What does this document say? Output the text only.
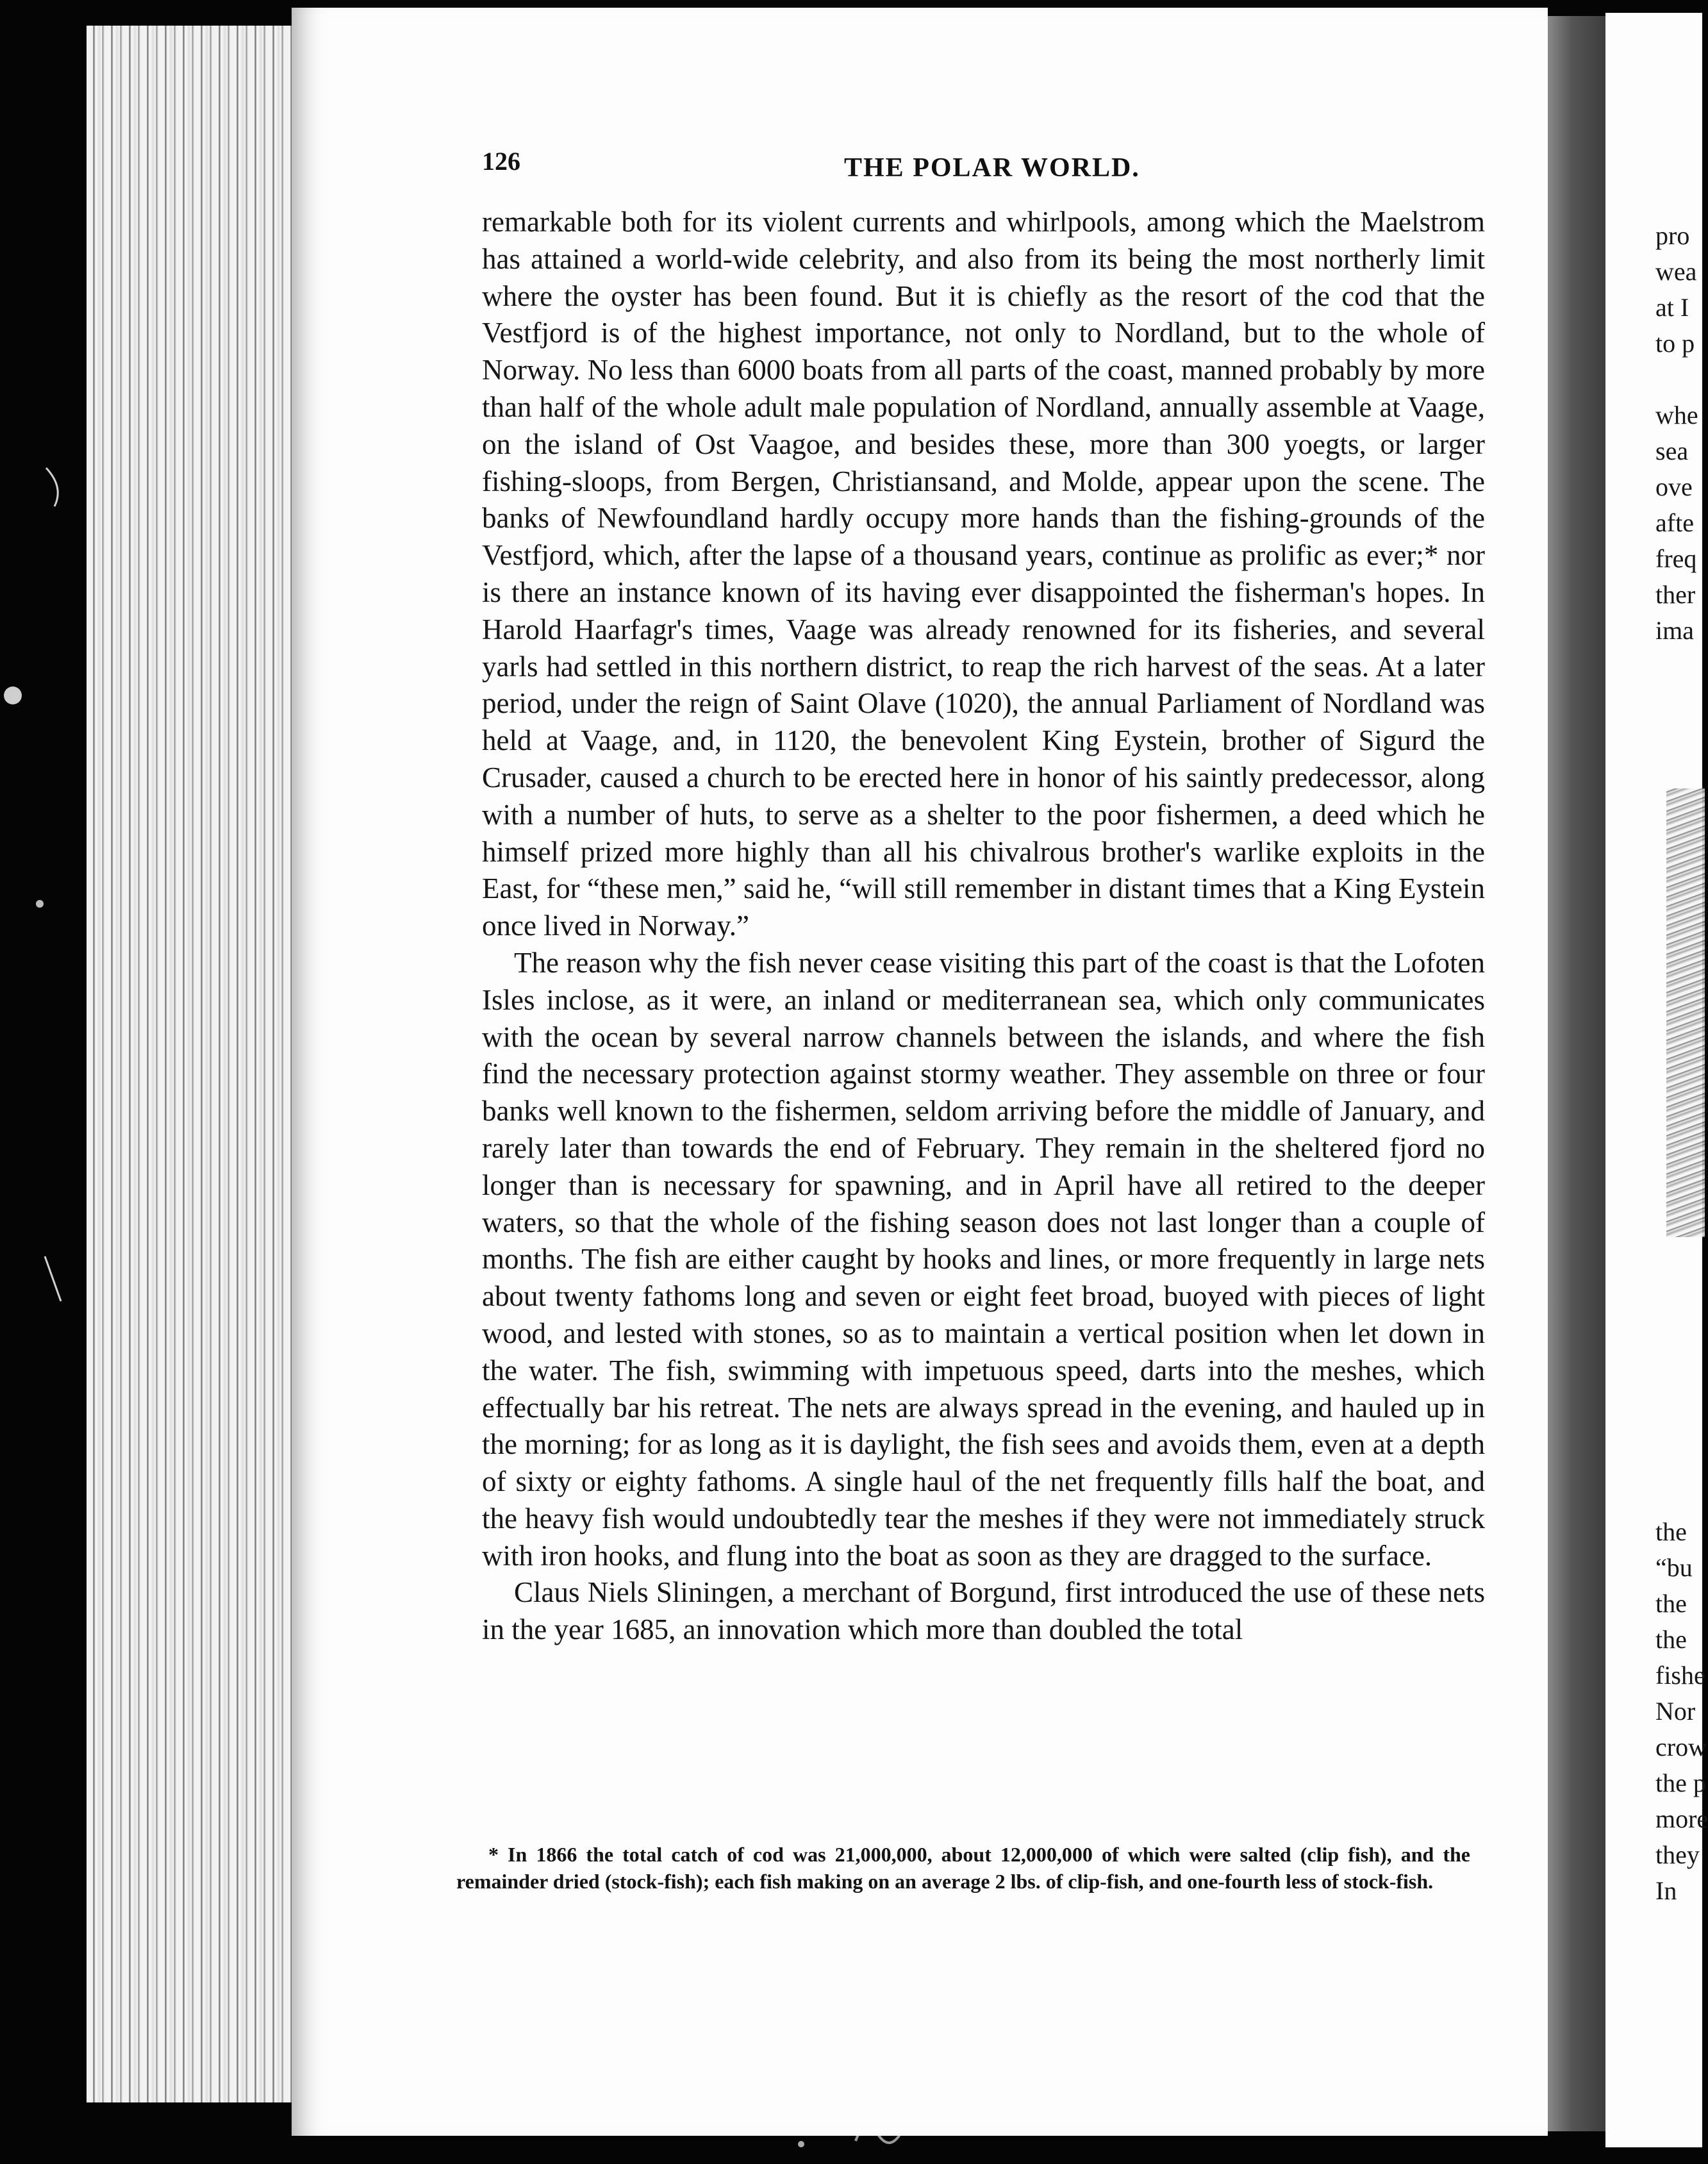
126	THE POLAR WORLD.

remarkable both for its violent currents and whirlpools, among which the Maelstrom has attained a world-wide celebrity, and also from its being the most northerly limit where the oyster has been found. But it is chiefly as the resort of the cod that the Vestfjord is of the highest importance, not only to Nordland, but to the whole of Norway. No less than 6000 boats from all parts of the coast, manned probably by more than half of the whole adult male population of Nordland, annually assemble at Vaage, on the island of Ost Vaagoe, and besides these, more than 300 yoegts, or larger fishing-sloops, from Bergen, Christiansand, and Molde, appear upon the scene. The banks of Newfoundland hardly occupy more hands than the fishing-grounds of the Vestfjord, which, after the lapse of a thousand years, continue as prolific as ever;* nor is there an instance known of its having ever disappointed the fisherman's hopes. In Harold Haarfagr's times, Vaage was already renowned for its fisheries, and several yarls had settled in this northern district, to reap the rich harvest of the seas. At a later period, under the reign of Saint Olave (1020), the annual Parliament of Nordland was held at Vaage, and, in 1120, the benevolent King Eystein, brother of Sigurd the Crusader, caused a church to be erected here in honor of his saintly predecessor, along with a number of huts, to serve as a shelter to the poor fishermen, a deed which he himself prized more highly than all his chivalrous brother's warlike exploits in the East, for “these men,” said he, “will still remember in distant times that a King Eystein once lived in Norway.”

The reason why the fish never cease visiting this part of the coast is that the Lofoten Isles inclose, as it were, an inland or mediterranean sea, which only communicates with the ocean by several narrow channels between the islands, and where the fish find the necessary protection against stormy weather. They assemble on three or four banks well known to the fishermen, seldom arriving before the middle of January, and rarely later than towards the end of February. They remain in the sheltered fjord no longer than is necessary for spawning, and in April have all retired to the deeper waters, so that the whole of the fishing season does not last longer than a couple of months. The fish are either caught by hooks and lines, or more frequently in large nets about twenty fathoms long and seven or eight feet broad, buoyed with pieces of light wood, and lested with stones, so as to maintain a vertical position when let down in the water. The fish, swimming with impetuous speed, darts into the meshes, which effectually bar his retreat. The nets are always spread in the evening, and hauled up in the morning; for as long as it is daylight, the fish sees and avoids them, even at a depth of sixty or eighty fathoms. A single haul of the net frequently fills half the boat, and the heavy fish would undoubtedly tear the meshes if they were not immediately struck with iron hooks, and flung into the boat as soon as they are dragged to the surface.

Claus Niels Sliningen, a merchant of Borgund, first introduced the use of these nets in the year 1685, an innovation which more than doubled the total

* In 1866 the total catch of cod was 21,000,000, about 12,000,000 of which were salted (clip fish), and the remainder dried (stock-fish); each fish making on an average 2 lbs. of clip-fish, and one-fourth less of stock-fish.
pro
wea
at I
to p

whe
sea
ove
afte
freq
ther
ima
the
“bu
the
the
fishe
Nor
crow
the p
more
they
In
